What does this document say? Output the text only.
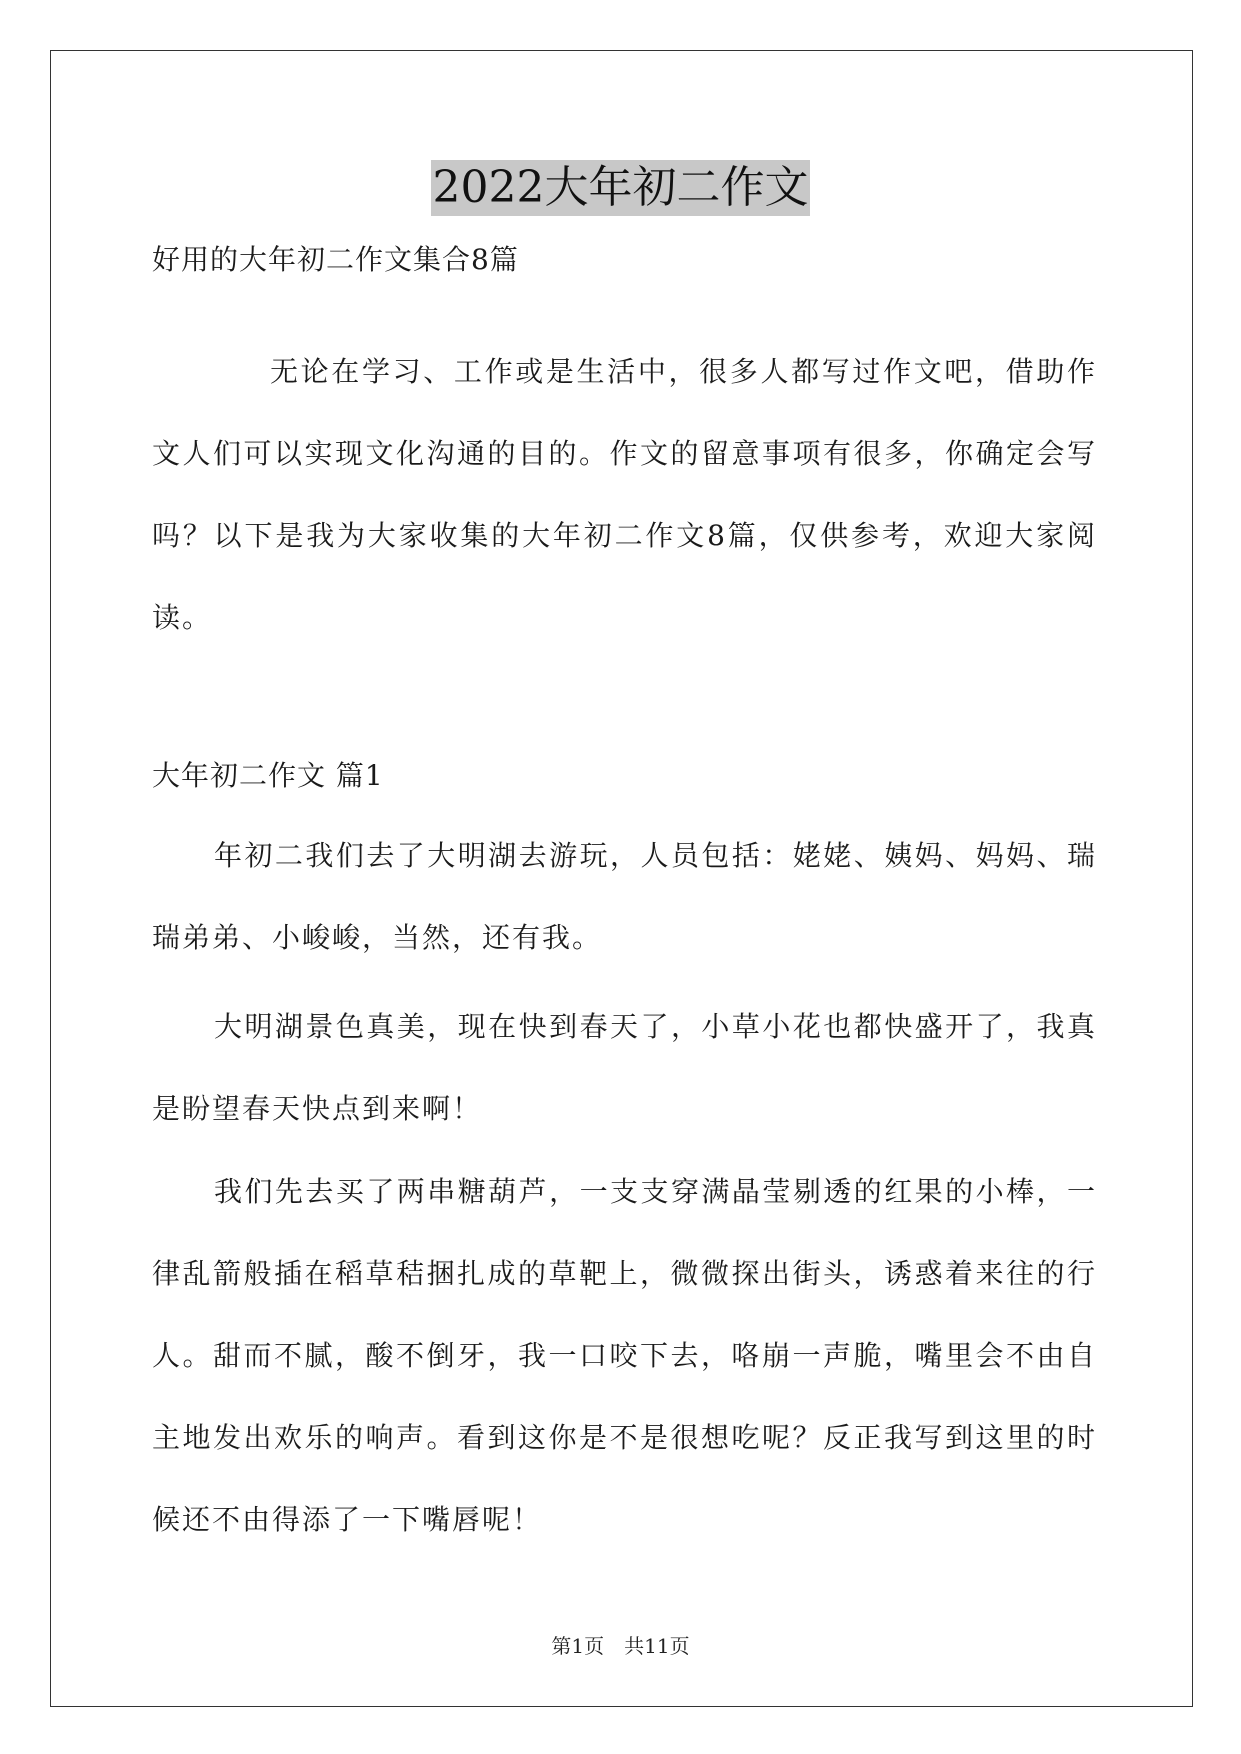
2022大年初二作文
好用的大年初二作文集合8篇

无论在学习、工作或是生活中，很多人都写过作文吧，借助作文人们可以实现文化沟通的目的。作文的留意事项有很多，你确定会写吗？以下是我为大家收集的大年初二作文8篇，仅供参考，欢迎大家阅读。

大年初二作文 篇1

年初二我们去了大明湖去游玩，人员包括：姥姥、姨妈、妈妈、瑞瑞弟弟、小峻峻，当然，还有我。

大明湖景色真美，现在快到春天了，小草小花也都快盛开了，我真是盼望春天快点到来啊！

我们先去买了两串糖葫芦，一支支穿满晶莹剔透的红果的小棒，一律乱箭般插在稻草秸捆扎成的草靶上，微微探出街头，诱惑着来往的行人。甜而不腻，酸不倒牙，我一口咬下去，咯崩一声脆，嘴里会不由自主地发出欢乐的响声。看到这你是不是很想吃呢？反正我写到这里的时候还不由得添了一下嘴唇呢！

第1页　共11页
